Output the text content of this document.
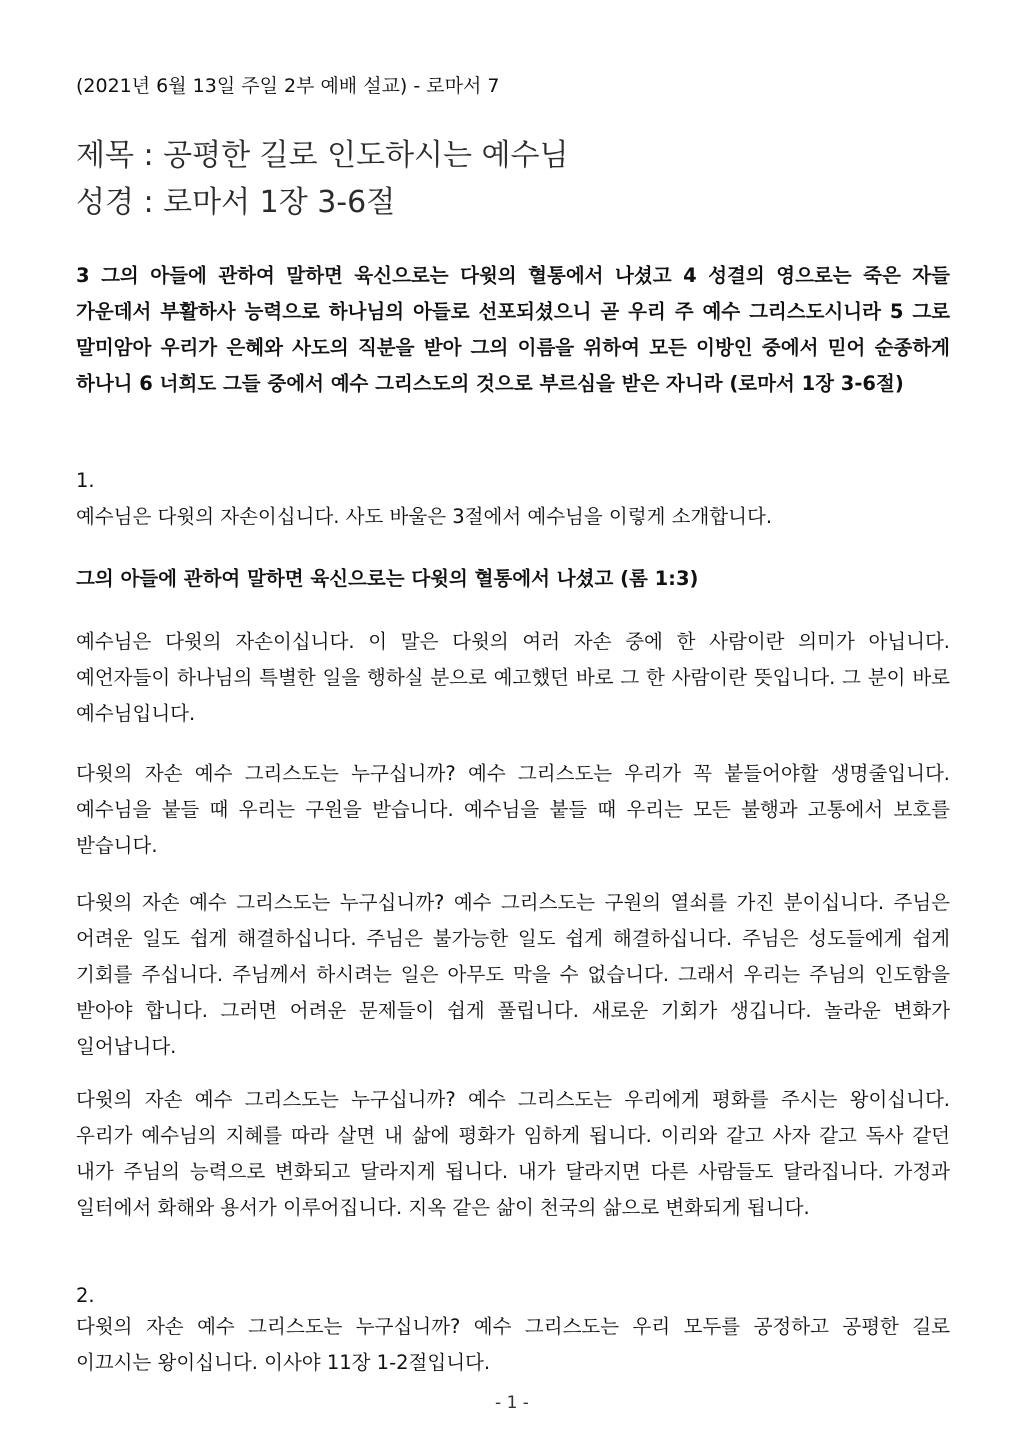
(2021년 6월 13일 주일 2부 예배 설교) - 로마서 7
제목 : 공평한 길로 인도하시는 예수님
성경 : 로마서 1장 3-6절
3 그의 아들에 관하여 말하면 육신으로는 다윗의 혈통에서 나셨고 4 성결의 영으로는 죽은 자들 가운데서 부활하사 능력으로 하나님의 아들로 선포되셨으니 곧 우리 주 예수 그리스도시니라 5 그로 말미암아 우리가 은혜와 사도의 직분을 받아 그의 이름을 위하여 모든 이방인 중에서 믿어 순종하게 하나니 6 너희도 그들 중에서 예수 그리스도의 것으로 부르심을 받은 자니라 (로마서 1장 3-6절)
1.
예수님은 다윗의 자손이십니다. 사도 바울은 3절에서 예수님을 이렇게 소개합니다.
그의 아들에 관하여 말하면 육신으로는 다윗의 혈통에서 나셨고 (롬 1:3)
예수님은 다윗의 자손이십니다. 이 말은 다윗의 여러 자손 중에 한 사람이란 의미가 아닙니다. 예언자들이 하나님의 특별한 일을 행하실 분으로 예고했던 바로 그 한 사람이란 뜻입니다. 그 분이 바로 예수님입니다.
다윗의 자손 예수 그리스도는 누구십니까? 예수 그리스도는 우리가 꼭 붙들어야할 생명줄입니다. 예수님을 붙들 때 우리는 구원을 받습니다. 예수님을 붙들 때 우리는 모든 불행과 고통에서 보호를 받습니다.
다윗의 자손 예수 그리스도는 누구십니까? 예수 그리스도는 구원의 열쇠를 가진 분이십니다. 주님은 어려운 일도 쉽게 해결하십니다. 주님은 불가능한 일도 쉽게 해결하십니다. 주님은 성도들에게 쉽게 기회를 주십니다. 주님께서 하시려는 일은 아무도 막을 수 없습니다. 그래서 우리는 주님의 인도함을 받아야 합니다. 그러면 어려운 문제들이 쉽게 풀립니다. 새로운 기회가 생깁니다. 놀라운 변화가 일어납니다.
다윗의 자손 예수 그리스도는 누구십니까? 예수 그리스도는 우리에게 평화를 주시는 왕이십니다. 우리가 예수님의 지혜를 따라 살면 내 삶에 평화가 임하게 됩니다. 이리와 같고 사자 같고 독사 같던 내가 주님의 능력으로 변화되고 달라지게 됩니다. 내가 달라지면 다른 사람들도 달라집니다. 가정과 일터에서 화해와 용서가 이루어집니다. 지옥 같은 삶이 천국의 삶으로 변화되게 됩니다.
2.
다윗의 자손 예수 그리스도는 누구십니까? 예수 그리스도는 우리 모두를 공정하고 공평한 길로 이끄시는 왕이십니다. 이사야 11장 1-2절입니다.
- 1 -
